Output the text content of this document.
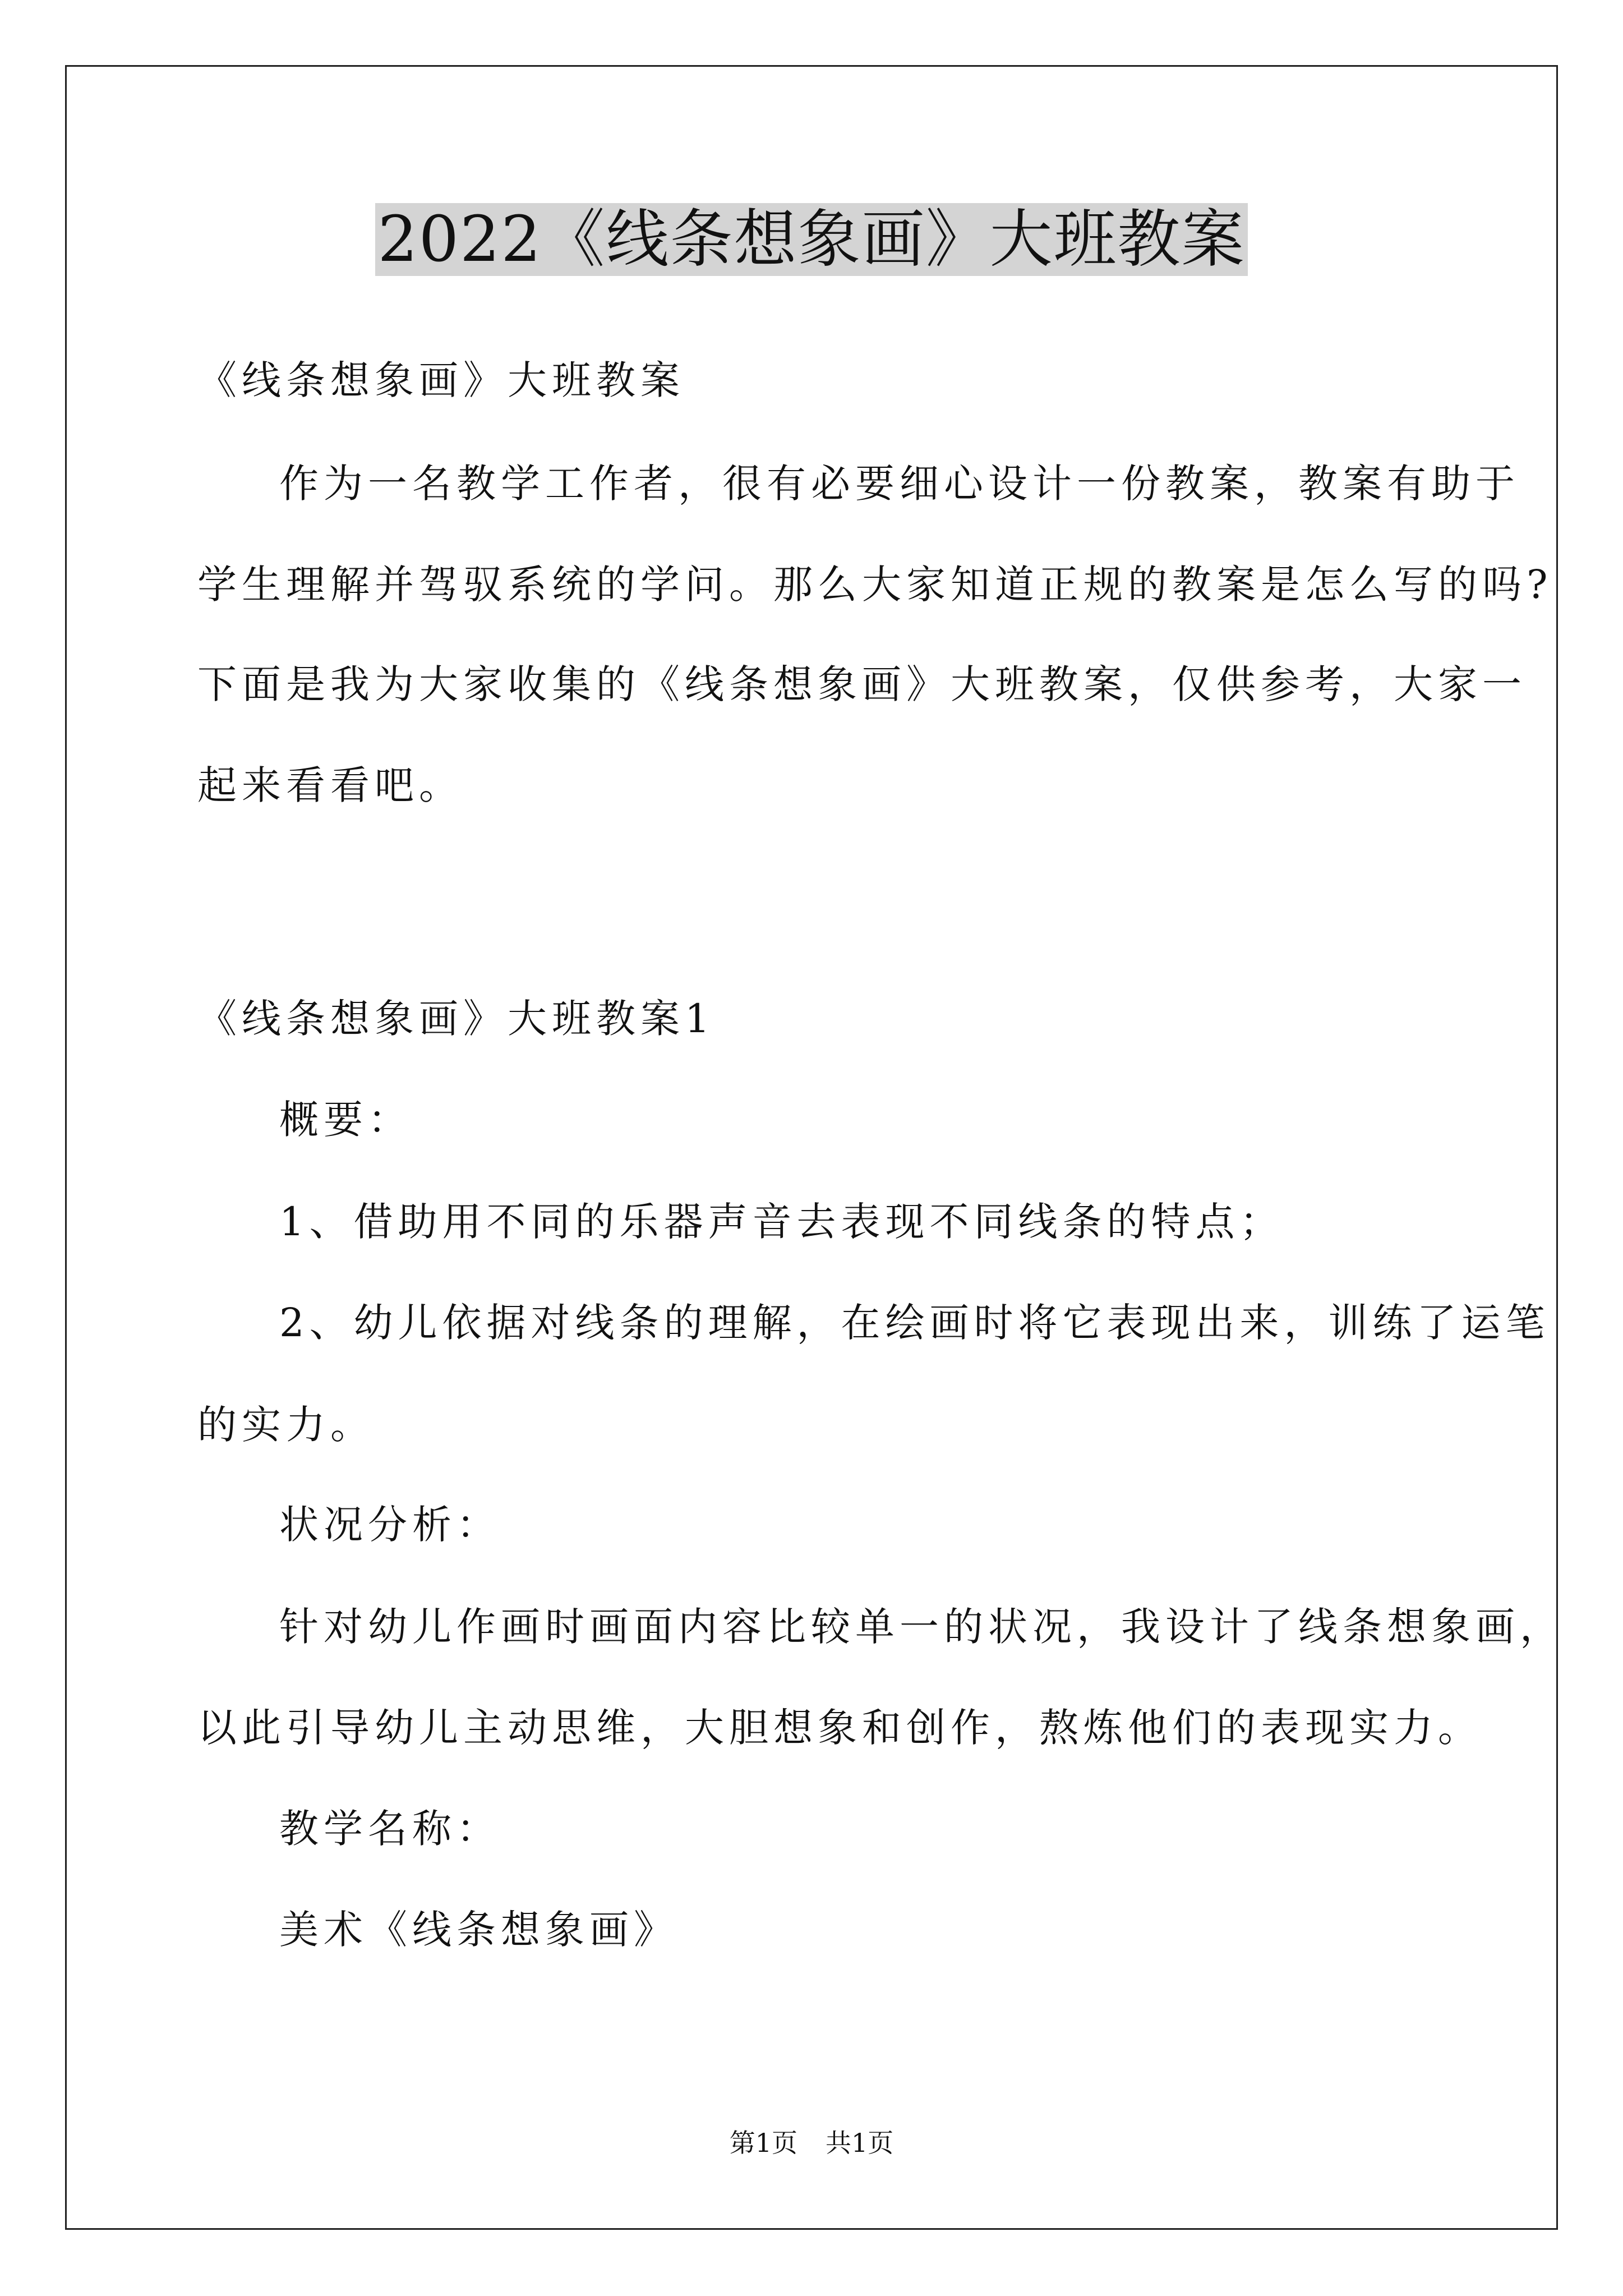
2022《线条想象画》大班教案
《线条想象画》大班教案
作为一名教学工作者，很有必要细心设计一份教案，教案有助于
学生理解并驾驭系统的学问。那么大家知道正规的教案是怎么写的吗?
下面是我为大家收集的《线条想象画》大班教案，仅供参考，大家一
起来看看吧。
《线条想象画》大班教案1
概要：
1、借助用不同的乐器声音去表现不同线条的特点；
2、幼儿依据对线条的理解，在绘画时将它表现出来，训练了运笔
的实力。
状况分析：
针对幼儿作画时画面内容比较单一的状况，我设计了线条想象画，
以此引导幼儿主动思维，大胆想象和创作，熬炼他们的表现实力。
教学名称：
美术《线条想象画》
第1页 共1页
